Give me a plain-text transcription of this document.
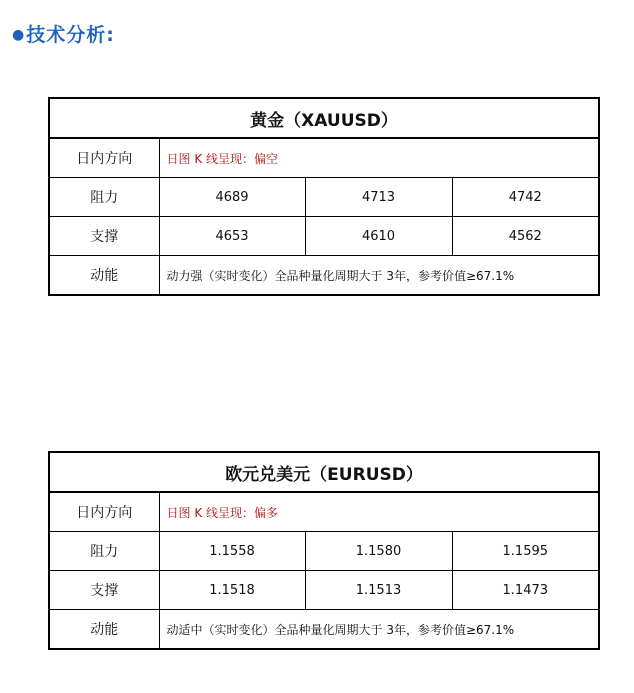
●技术分析:
黄金（XAUUSD）			
日内方向	日图 K 线呈现：偏空		
阻力	4689	4713	4742
支撑	4653	4610	4562
动能	动力强（实时变化）全品种量化周期大于 3年，参考价值≥67.1%		
欧元兑美元（EURUSD）			
日内方向	日图 K 线呈现：偏多		
阻力	1.1558	1.1580	1.1595
支撑	1.1518	1.1513	1.1473
动能	动适中（实时变化）全品种量化周期大于 3年，参考价值≥67.1%		
